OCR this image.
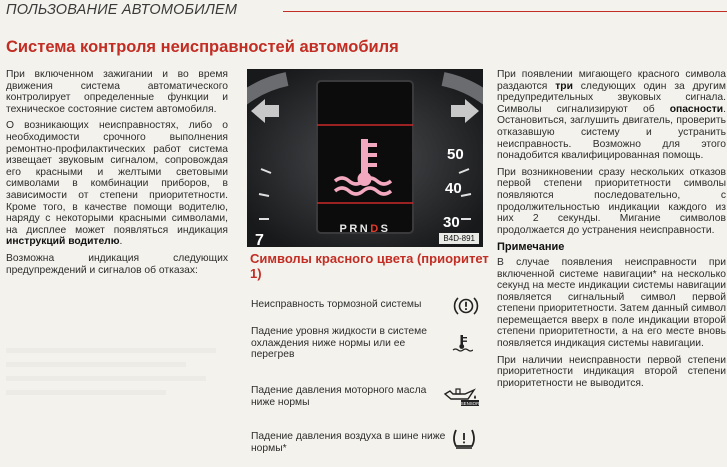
ПОЛЬЗОВАНИЕ АВТОМОБИЛЕМ
Система контроля неисправностей автомобиля

При включенном зажигании и во время движения система автоматического контролирует определенные функции и техническое состояние систем автомобиля.

О возникающих неисправностях, либо о необходимости срочного выполнения ремонтно-профилактических работ система извещает звуковым сигналом, сопровождая его красными и желтыми световыми символами в комбинации приборов, в зависимости от степени приоритетности. Кроме того, в качестве помощи водителю, наряду с некоторыми красными символами, на дисплее может появляться индикация инструкций водителю.

Возможна индикация следующих предупреждений и сигналов об отказах:

50
40
30
7
PRNDS
B4D-891
Символы красного цвета (приоритет 1)
Неисправность тормозной системы
Падение уровня жидкости в системе охлаждения ниже нормы или ее перегрев
Падение давления моторного масла ниже нормы	SENSOR
Падение давления воздуха в шине ниже нормы*

При появлении мигающего красного символа раздаются три следующих один за другим предупредительных звуковых сигнала. Символы сигнализируют об опасности. Остановиться, заглушить двигатель, проверить отказавшую систему и устранить неисправность. Возможно для этого понадобится квалифицированная помощь.

При возникновении сразу нескольких отказов первой степени приоритетности символы появляются последовательно, с продолжительностью индикации каждого из них 2 секунды. Мигание символов продолжается до устранения неисправности.

Примечание

В случае появления неисправности при включенной системе навигации* на несколько секунд на месте индикации системы навигации появляется сигнальный символ первой степени приоритетности. Затем данный символ перемещается вверх в поле индикации второй степени приоритетности, а на его месте вновь появляется индикация системы навигации.

При наличии неисправности первой степени приоритетности индикация второй степени приоритетности не выводится.
